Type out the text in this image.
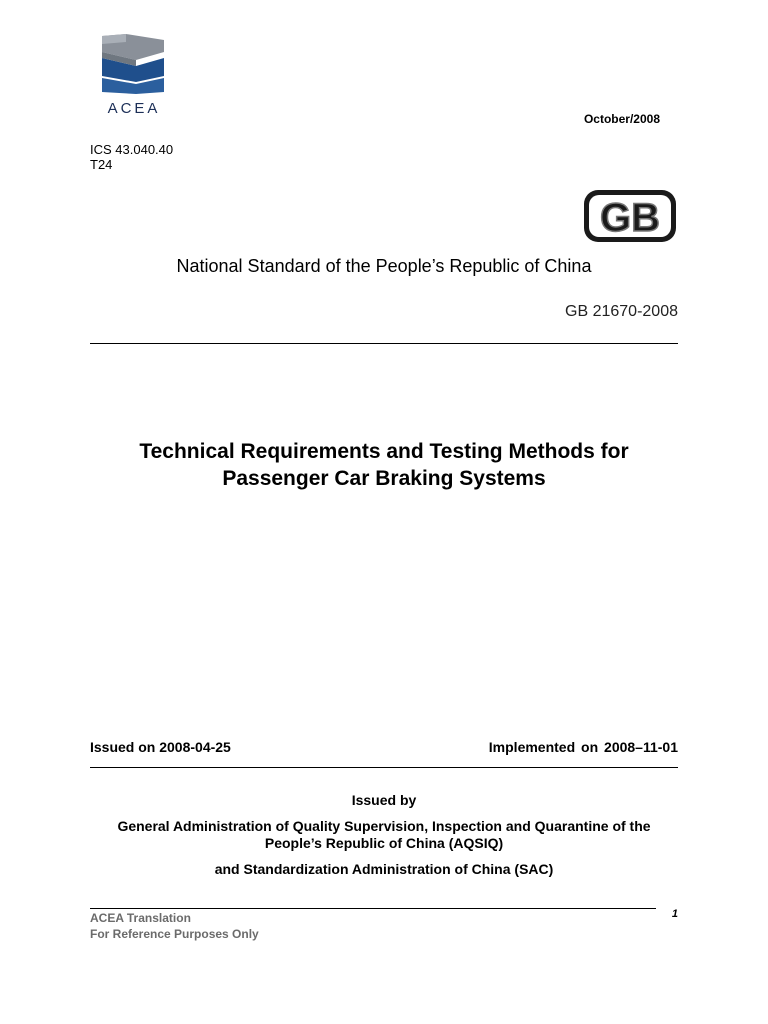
ACEA
October/2008
ICS 43.040.40
T24
GB
National Standard of the People’s Republic of China
GB 21670-2008
Technical Requirements and Testing Methods for
Passenger Car Braking Systems
Issued on 2008-04-25	Implemented on 2008–11-01
Issued by
General Administration of Quality Supervision, Inspection and Quarantine of the
People’s Republic of China (AQSIQ)
and Standardization Administration of China (SAC)
ACEA Translation
For Reference Purposes Only
1
